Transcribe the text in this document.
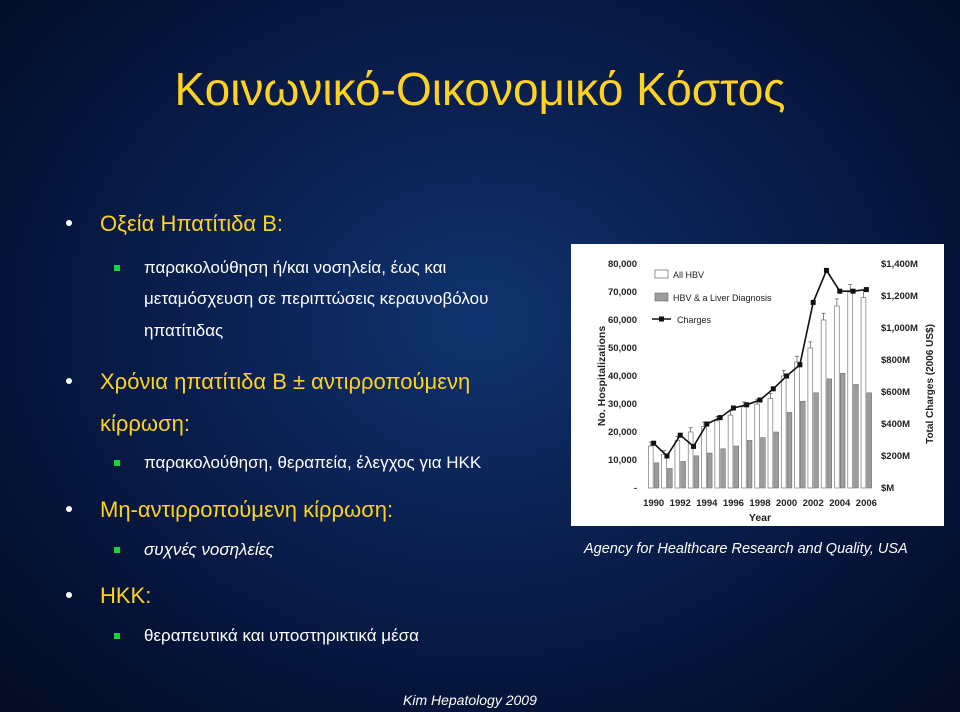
Κοινωνικό-Οικονομικό Κόστος
Οξεία Ηπατίτιδα Β:
παρακολούθηση ή/και νοσηλεία, έως και
μεταμόσχευση σε περιπτώσεις κεραυνοβόλου
ηπατίτιδας
Χρόνια ηπατίτιδα Β ± αντιρροπούμενη
κίρρωση:
παρακολούθηση, θεραπεία, έλεγχος για ΗΚΚ
Μη-αντιρροπούμενη κίρρωση:
συχνές νοσηλείες
ΗΚΚ:
θεραπευτικά και υποστηρικτικά μέσα
-
10,000
20,000
30,000
40,000
50,000
60,000
70,000
80,000
$M
$200M
$400M
$600M
$800M
$1,000M
$1,200M
$1,400M
No. Hospitalizations	Total Charges (2006 US$)
1990 1992 1994 1996 1998 2000 2002 2004 2006
Year
All HBV
HBV & a Liver Diagnosis
Charges
Agency for Healthcare Research and Quality, USA
Kim Hepatology 2009
